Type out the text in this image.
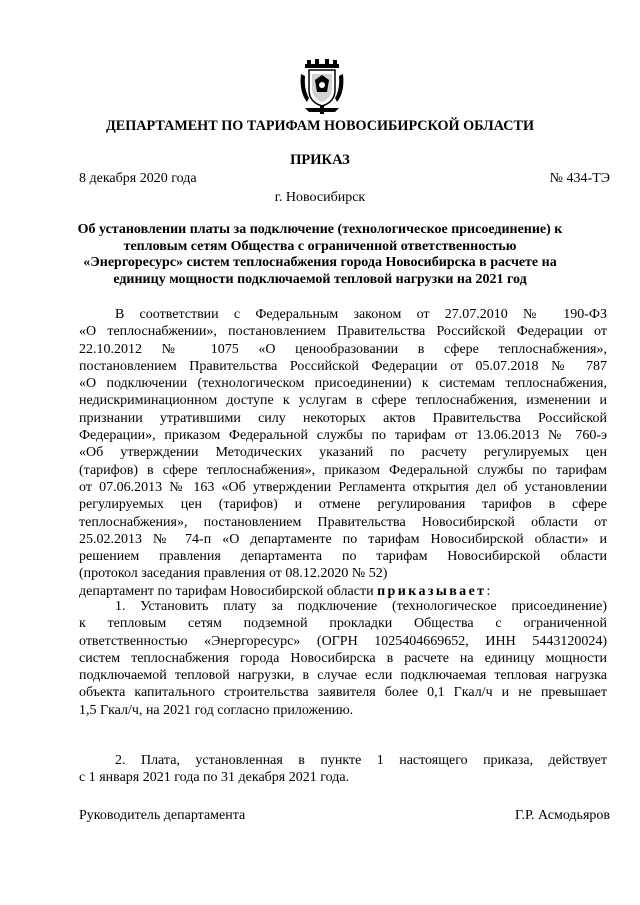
ДЕПАРТАМЕНТ ПО ТАРИФАМ НОВОСИБИРСКОЙ ОБЛАСТИ
ПРИКАЗ
8 декабря 2020 года	№ 434-ТЭ
г. Новосибирск
Об установлении платы за подключение (технологическое присоединение) к
тепловым сетям Общества с ограниченной ответственностью
«Энергоресурс» систем теплоснабжения города Новосибирска в расчете на
единицу мощности подключаемой тепловой нагрузки на 2021 год
В соответствии с Федеральным законом от 27.07.2010 № 190-ФЗ
«О теплоснабжении», постановлением Правительства Российской Федерации от
22.10.2012 № 1075 «О ценообразовании в сфере теплоснабжения»,
постановлением Правительства Российской Федерации от 05.07.2018 № 787
«О подключении (технологическом присоединении) к системам теплоснабжения,
недискриминационном доступе к услугам в сфере теплоснабжения, изменении и
признании утратившими силу некоторых актов Правительства Российской
Федерации», приказом Федеральной службы по тарифам от 13.06.2013 № 760-э
«Об утверждении Методических указаний по расчету регулируемых цен
(тарифов) в сфере теплоснабжения», приказом Федеральной службы по тарифам
от 07.06.2013 № 163 «Об утверждении Регламента открытия дел об установлении
регулируемых цен (тарифов) и отмене регулирования тарифов в сфере
теплоснабжения», постановлением Правительства Новосибирской области от
25.02.2013 № 74-п «О департаменте по тарифам Новосибирской области» и
решением правления департамента по тарифам Новосибирской области
(протокол заседания правления от 08.12.2020 № 52)
департамент по тарифам Новосибирской области приказывает:
1. Установить плату за подключение (технологическое присоединение)
к тепловым сетям подземной прокладки Общества с ограниченной
ответственностью «Энергоресурс» (ОГРН 1025404669652, ИНН 5443120024)
систем теплоснабжения города Новосибирска в расчете на единицу мощности
подключаемой тепловой нагрузки, в случае если подключаемая тепловая нагрузка
объекта капитального строительства заявителя более 0,1 Гкал/ч и не превышает
1,5 Гкал/ч, на 2021 год согласно приложению.
2. Плата, установленная в пункте 1 настоящего приказа, действует
с 1 января 2021 года по 31 декабря 2021 года.
Руководитель департамента	Г.Р. Асмодьяров
